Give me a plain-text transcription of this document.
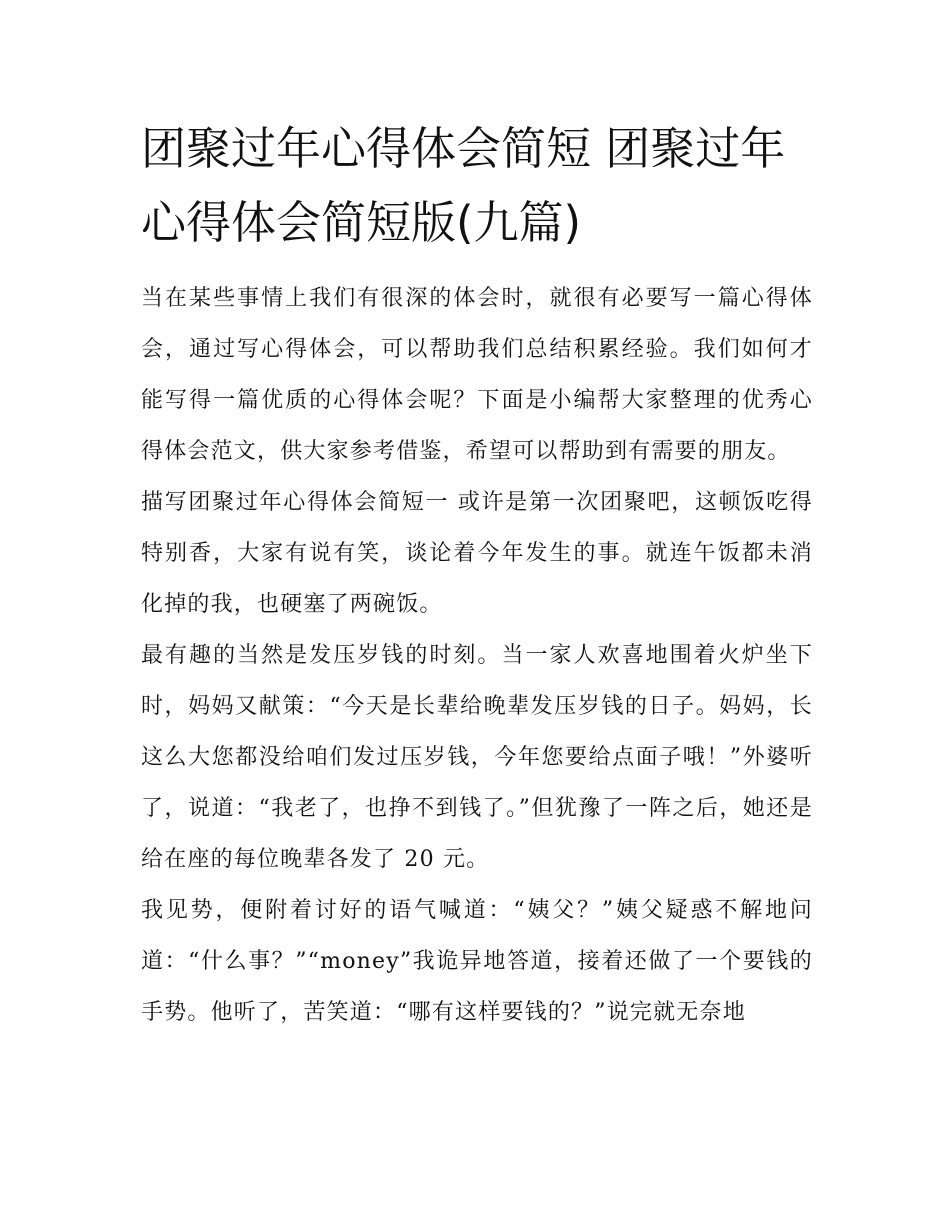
团聚过年心得体会简短 团聚过年心得体会简短版(九篇)

当在某些事情上我们有很深的体会时，就很有必要写一篇心得体会，通过写心得体会，可以帮助我们总结积累经验。我们如何才能写得一篇优质的心得体会呢？下面是小编帮大家整理的优秀心得体会范文，供大家参考借鉴，希望可以帮助到有需要的朋友。

描写团聚过年心得体会简短一 或许是第一次团聚吧，这顿饭吃得特别香，大家有说有笑，谈论着今年发生的事。就连午饭都未消化掉的我，也硬塞了两碗饭。

最有趣的当然是发压岁钱的时刻。当一家人欢喜地围着火炉坐下时，妈妈又献策：“今天是长辈给晚辈发压岁钱的日子。妈妈，长这么大您都没给咱们发过压岁钱，今年您要给点面子哦！”外婆听了，说道：“我老了，也挣不到钱了。”但犹豫了一阵之后，她还是给在座的每位晚辈各发了 20 元。

我见势，便附着讨好的语气喊道：“姨父？”姨父疑惑不解地问道：“什么事？”“money”我诡异地答道，接着还做了一个要钱的手势。他听了，苦笑道：“哪有这样要钱的？”说完就无奈地
